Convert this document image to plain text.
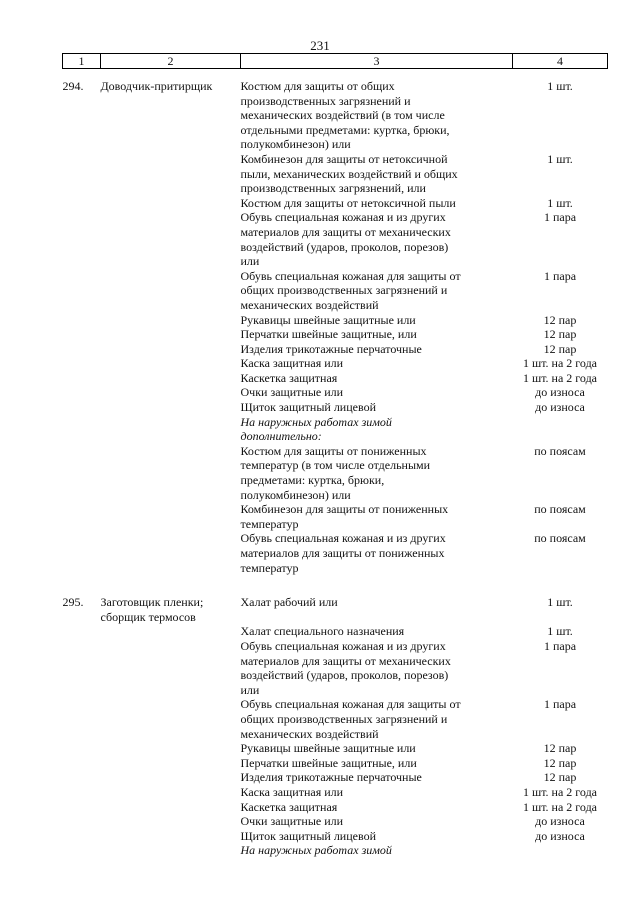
231
1	2	3	4

294.	Доводчик-притирщик	Костюм для защиты от общих
производственных загрязнений и
механических воздействий (в том числе
отдельными предметами: куртка, брюки,
полукомбинезон) или	1 шт.

		Комбинезон для защиты от нетоксичной
пыли, механических воздействий и общих
производственных загрязнений, или	1 шт.

		Костюм для защиты от нетоксичной пыли	1 шт.

		Обувь специальная кожаная и из других
материалов для защиты от механических
воздействий (ударов, проколов, порезов)
или	1 пара

		Обувь специальная кожаная для защиты от
общих производственных загрязнений и
механических воздействий	1 пара

		Рукавицы швейные защитные или	12 пар

		Перчатки швейные защитные, или	12 пар

		Изделия трикотажные перчаточные	12 пар

		Каска защитная или	1 шт. на 2 года

		Каскетка защитная	1 шт. на 2 года

		Очки защитные или	до износа

		Щиток защитный лицевой	до износа

		На наружных работах зимой
дополнительно:	

		Костюм для защиты от пониженных
температур (в том числе отдельными
предметами: куртка, брюки,
полукомбинезон) или	по поясам

		Комбинезон для защиты от пониженных
температур	по поясам

		Обувь специальная кожаная и из других
материалов для защиты от пониженных
температур	по поясам

295.	Заготовщик пленки;
сборщик термосов	Халат рабочий или	1 шт.

		Халат специального назначения	1 шт.

		Обувь специальная кожаная и из других
материалов для защиты от механических
воздействий (ударов, проколов, порезов)
или	1 пара

		Обувь специальная кожаная для защиты от
общих производственных загрязнений и
механических воздействий	1 пара

		Рукавицы швейные защитные или	12 пар

		Перчатки швейные защитные, или	12 пар

		Изделия трикотажные перчаточные	12 пар

		Каска защитная или	1 шт. на 2 года

		Каскетка защитная	1 шт. на 2 года

		Очки защитные или	до износа

		Щиток защитный лицевой	до износа

		На наружных работах зимой	
